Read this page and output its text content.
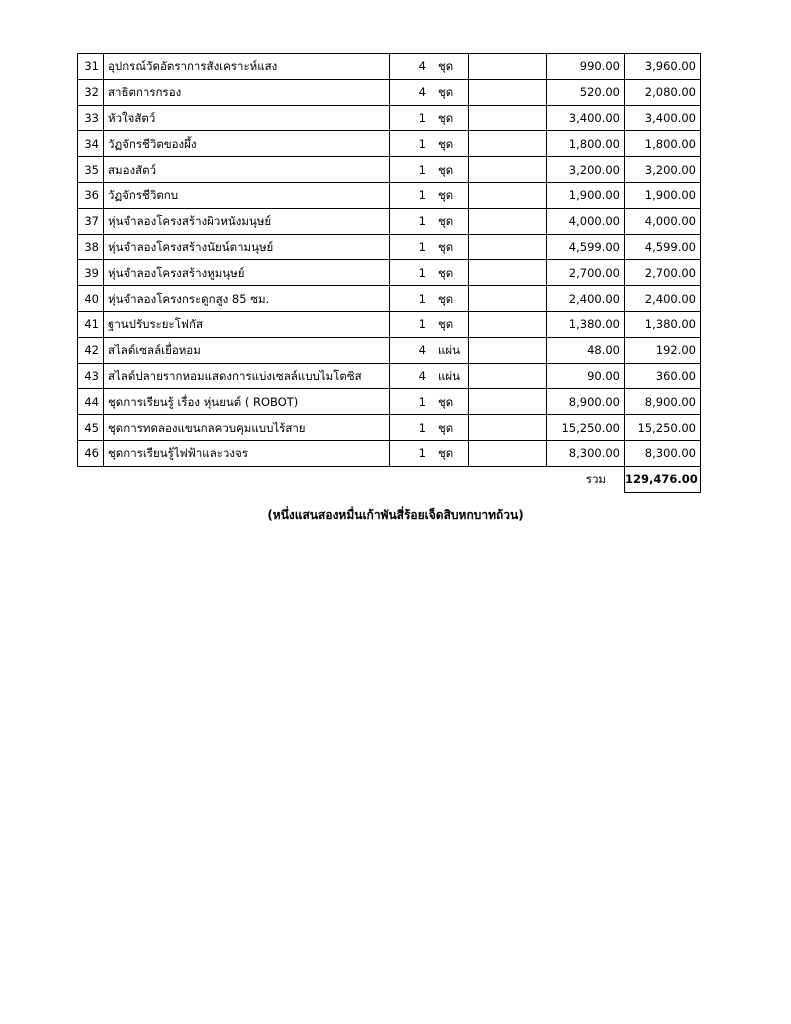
31	อุปกรณ์วัดอัตราการสังเคราะห์แสง	4 ชุด		990.00	3,960.00
32	สาธิตการกรอง	4 ชุด		520.00	2,080.00
33	หัวใจสัตว์	1 ชุด		3,400.00	3,400.00
34	วัฏจักรชีวิตของผึ้ง	1 ชุด		1,800.00	1,800.00
35	สมองสัตว์	1 ชุด		3,200.00	3,200.00
36	วัฏจักรชีวิตกบ	1 ชุด		1,900.00	1,900.00
37	หุ่นจำลองโครงสร้างผิวหนังมนุษย์	1 ชุด		4,000.00	4,000.00
38	หุ่นจำลองโครงสร้างนัยน์ตามนุษย์	1 ชุด		4,599.00	4,599.00
39	หุ่นจำลองโครงสร้างหูมนุษย์	1 ชุด		2,700.00	2,700.00
40	หุ่นจำลองโครงกระดูกสูง 85 ซม.	1 ชุด		2,400.00	2,400.00
41	ฐานปรับระยะโฟกัส	1 ชุด		1,380.00	1,380.00
42	สไลด์เซลล์เยื่อหอม	4 แผ่น		48.00	192.00
43	สไลด์ปลายรากหอมแสดงการแบ่งเซลล์แบบไมโตซิส	4 แผ่น		90.00	360.00
44	ชุดการเรียนรู้ เรื่อง หุ่นยนต์ ( ROBOT)	1 ชุด		8,900.00	8,900.00
45	ชุดการทดลองแขนกลควบคุมแบบไร้สาย	1 ชุด		15,250.00	15,250.00
46	ชุดการเรียนรู้ไฟฟ้าและวงจร	1 ชุด		8,300.00	8,300.00
				รวม	129,476.00
(หนึ่งแสนสองหมื่นเก้าพันสี่ร้อยเจ็ดสิบหกบาทถ้วน)
